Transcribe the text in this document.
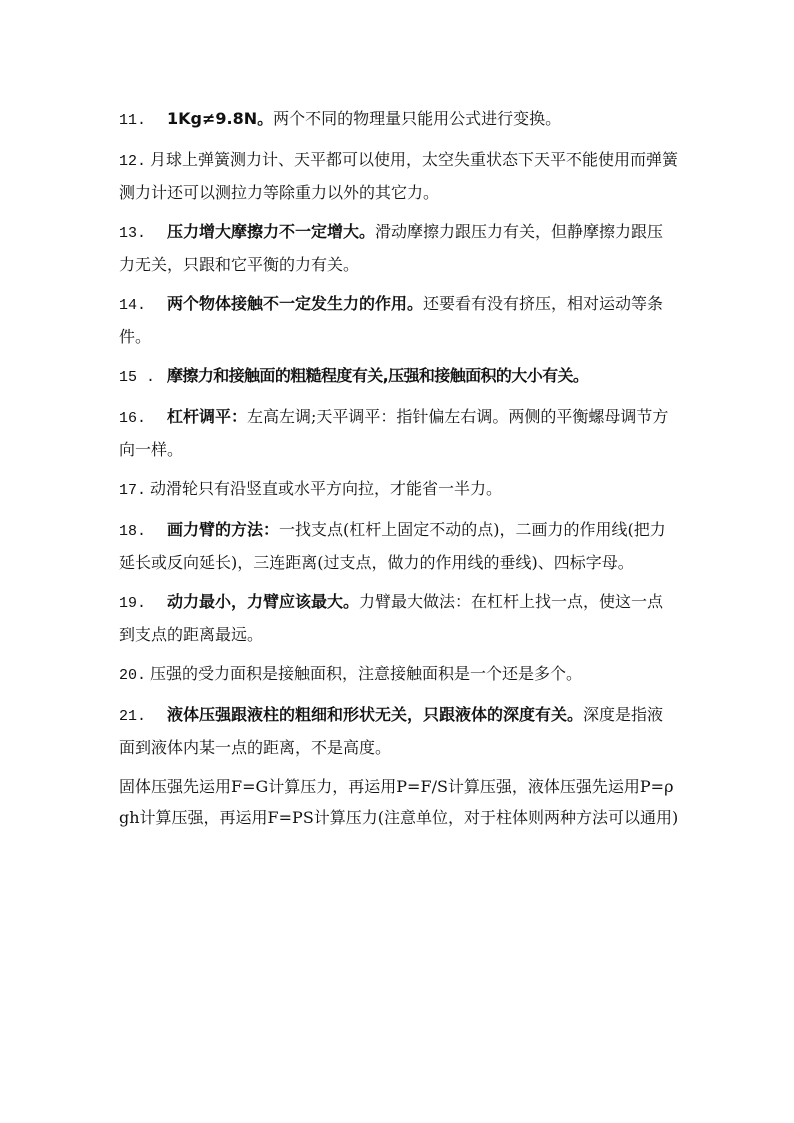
11. 1Kg≠9.8N。两个不同的物理量只能用公式进行变换。

12. 月球上弹簧测力计、天平都可以使用，太空失重状态下天平不能使用而弹簧测力计还可以测拉力等除重力以外的其它力。

13. 压力增大摩擦力不一定增大。滑动摩擦力跟压力有关，但静摩擦力跟压力无关，只跟和它平衡的力有关。

14. 两个物体接触不一定发生力的作用。还要看有没有挤压，相对运动等条件。

15 . 摩擦力和接触面的粗糙程度有关,压强和接触面积的大小有关。

16. 杠杆调平：左高左调;天平调平：指针偏左右调。两侧的平衡螺母调节方向一样。

17. 动滑轮只有沿竖直或水平方向拉，才能省一半力。

18. 画力臂的方法：一找支点(杠杆上固定不动的点)，二画力的作用线(把力延长或反向延长)，三连距离(过支点，做力的作用线的垂线)、四标字母。

19. 动力最小，力臂应该最大。力臂最大做法：在杠杆上找一点，使这一点到支点的距离最远。

20. 压强的受力面积是接触面积，注意接触面积是一个还是多个。

21. 液体压强跟液柱的粗细和形状无关，只跟液体的深度有关。深度是指液面到液体内某一点的距离，不是高度。

固体压强先运用F=G计算压力，再运用P=F/S计算压强，液体压强先运用P=ρgh计算压强，再运用F=PS计算压力(注意单位，对于柱体则两种方法可以通用)
